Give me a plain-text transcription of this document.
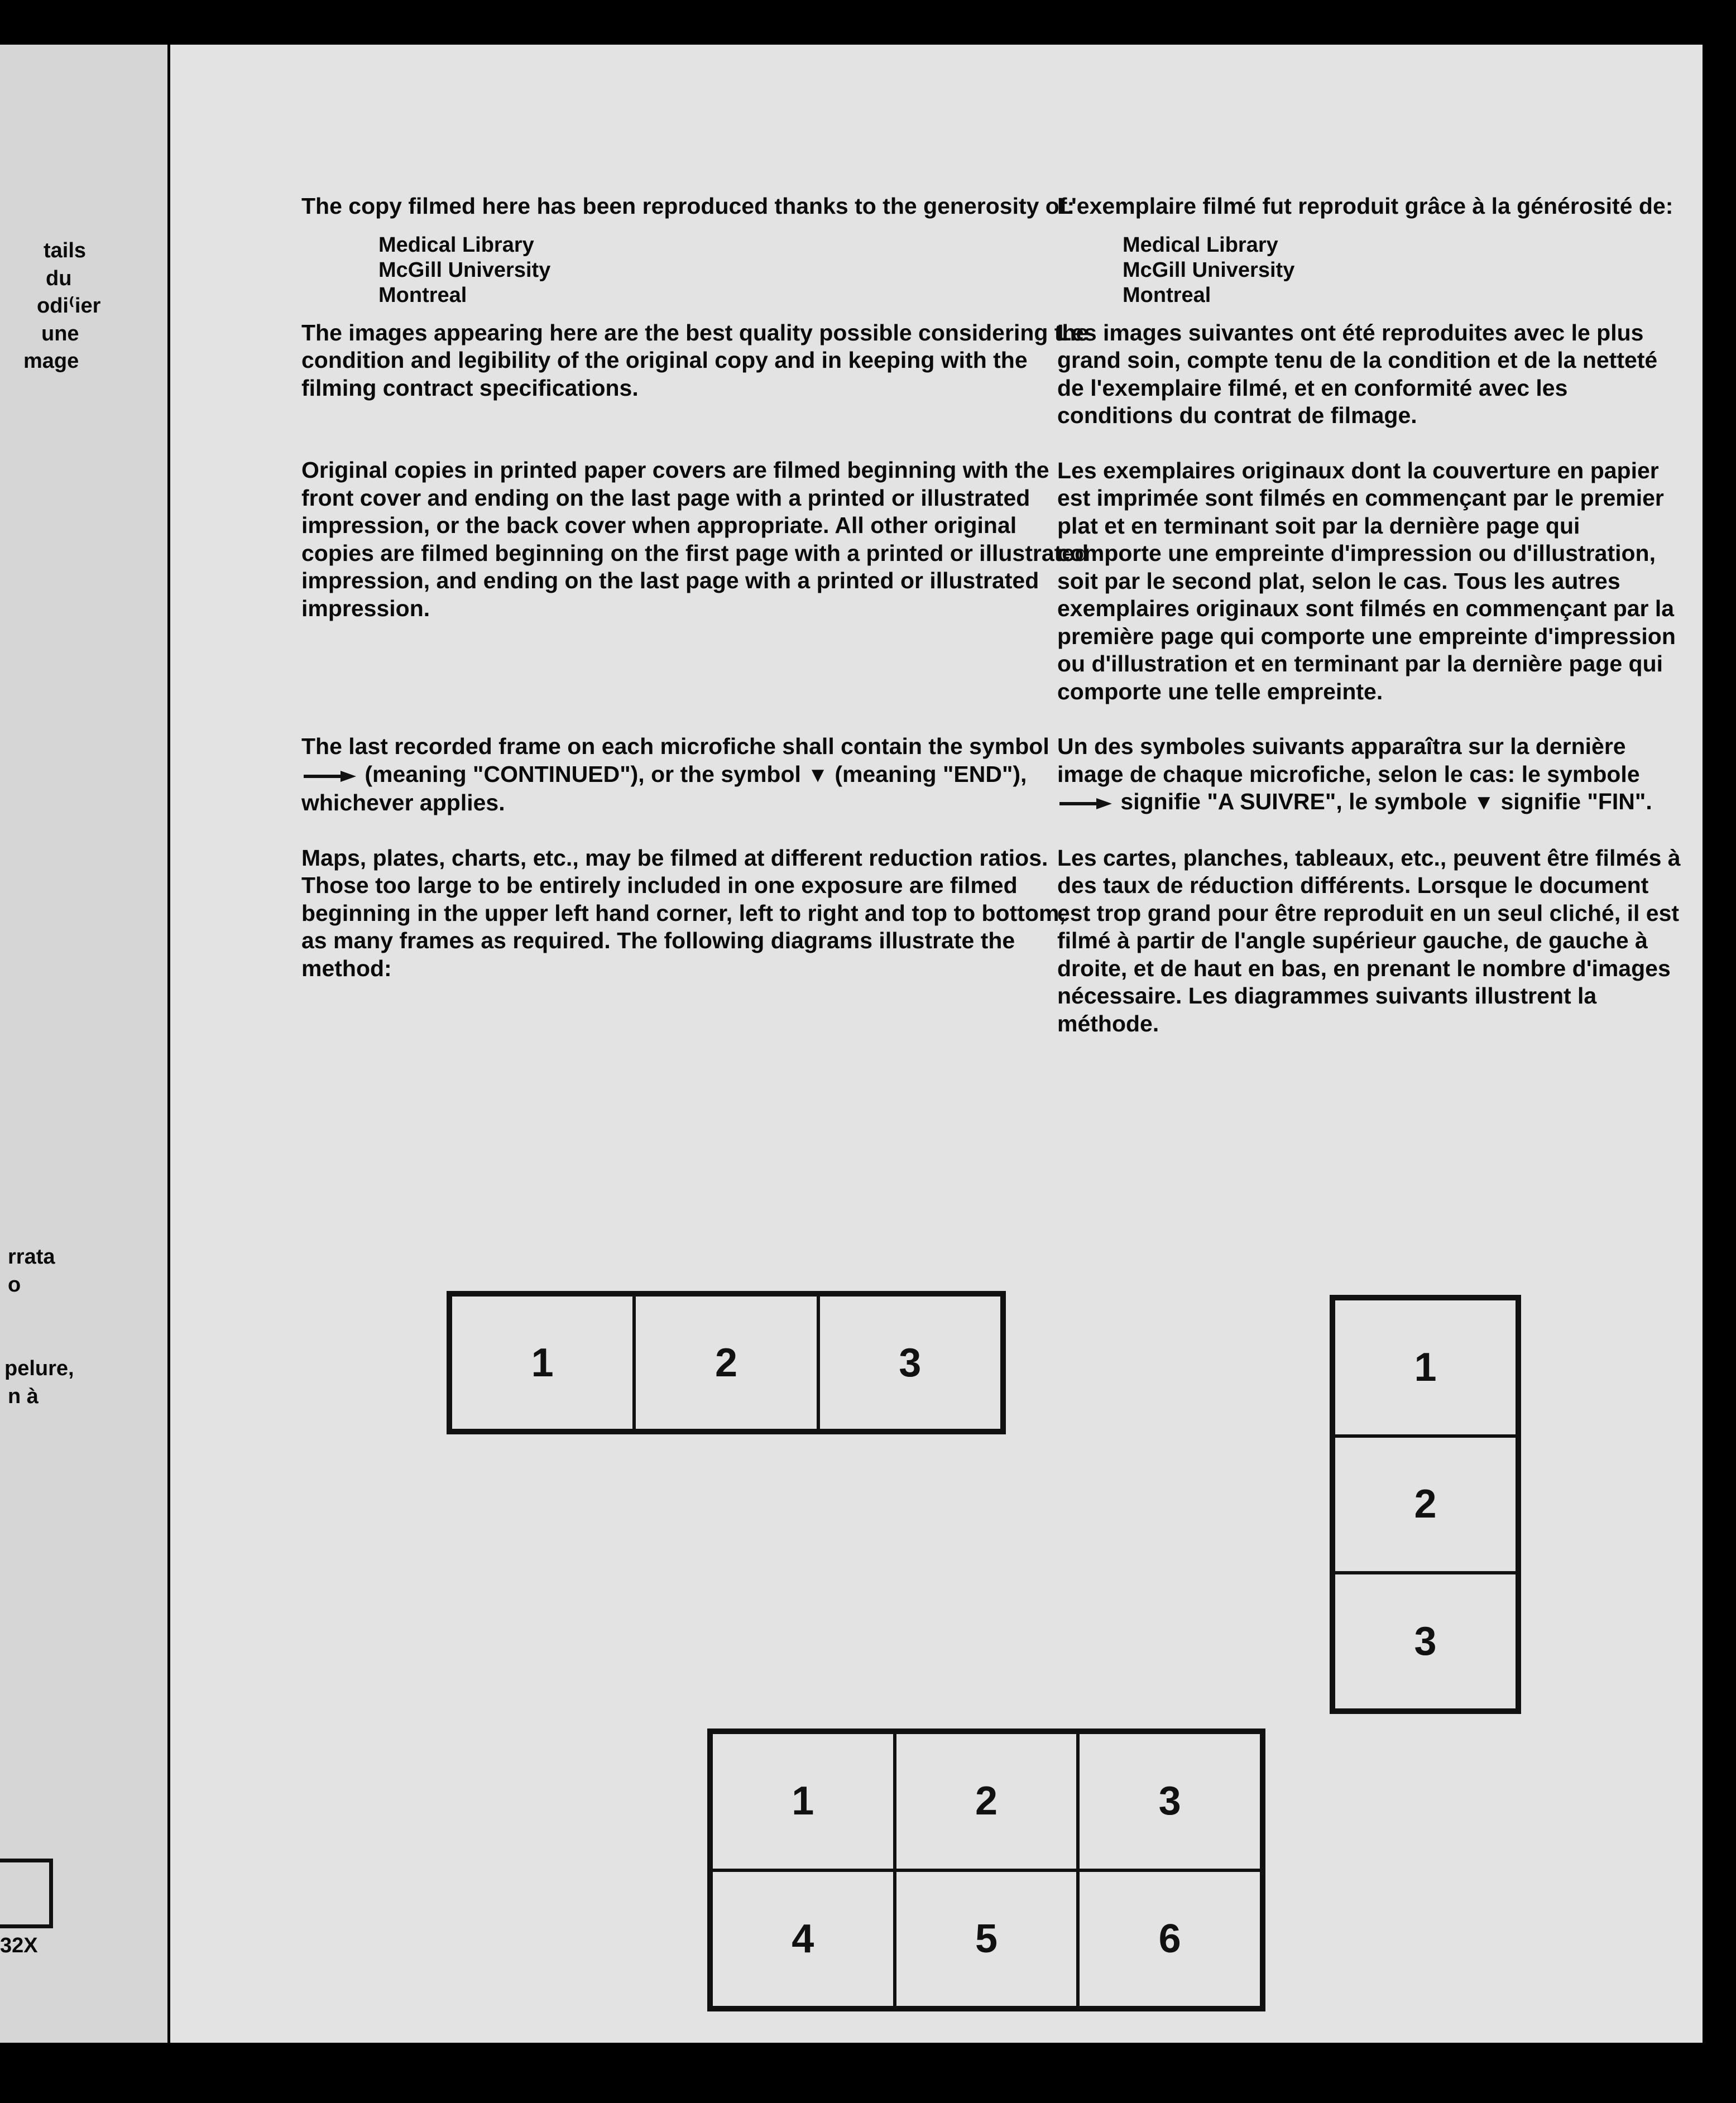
tails
du
odi⁽ier
une
mage
rrata
o
pelure,
n à
32X

The copy filmed here has been reproduced thanks to the generosity of:

Medical Library
McGill University
Montreal

The images appearing here are the best quality possible considering the condition and legibility of the original copy and in keeping with the filming contract specifications.

Original copies in printed paper covers are filmed beginning with the front cover and ending on the last page with a printed or illustrated impression, or the back cover when appropriate. All other original copies are filmed beginning on the first page with a printed or illustrated impression, and ending on the last page with a printed or illustrated impression.

The last recorded frame on each microfiche shall contain the symbol  (meaning "CONTINUED"), or the symbol ▼ (meaning "END"), whichever applies.

Maps, plates, charts, etc., may be filmed at different reduction ratios. Those too large to be entirely included in one exposure are filmed beginning in the upper left hand corner, left to right and top to bottom, as many frames as required. The following diagrams illustrate the method:

L'exemplaire filmé fut reproduit grâce à la générosité de:

Medical Library
McGill University
Montreal

Les images suivantes ont été reproduites avec le plus grand soin, compte tenu de la condition et de la netteté de l'exemplaire filmé, et en conformité avec les conditions du contrat de filmage.

Les exemplaires originaux dont la couverture en papier est imprimée sont filmés en commençant par le premier plat et en terminant soit par la dernière page qui comporte une empreinte d'impression ou d'illustration, soit par le second plat, selon le cas. Tous les autres exemplaires originaux sont filmés en commençant par la première page qui comporte une empreinte d'impression ou d'illustration et en terminant par la dernière page qui comporte une telle empreinte.

Un des symboles suivants apparaîtra sur la dernière image de chaque microfiche, selon le cas: le symbole  signifie "A SUIVRE", le symbole ▼ signifie "FIN".

Les cartes, planches, tableaux, etc., peuvent être filmés à des taux de réduction différents. Lorsque le document est trop grand pour être reproduit en un seul cliché, il est filmé à partir de l'angle supérieur gauche, de gauche à droite, et de haut en bas, en prenant le nombre d'images nécessaire. Les diagrammes suivants illustrent la méthode.

1	2	3	1
2
3
1	2	3
4	5	6
